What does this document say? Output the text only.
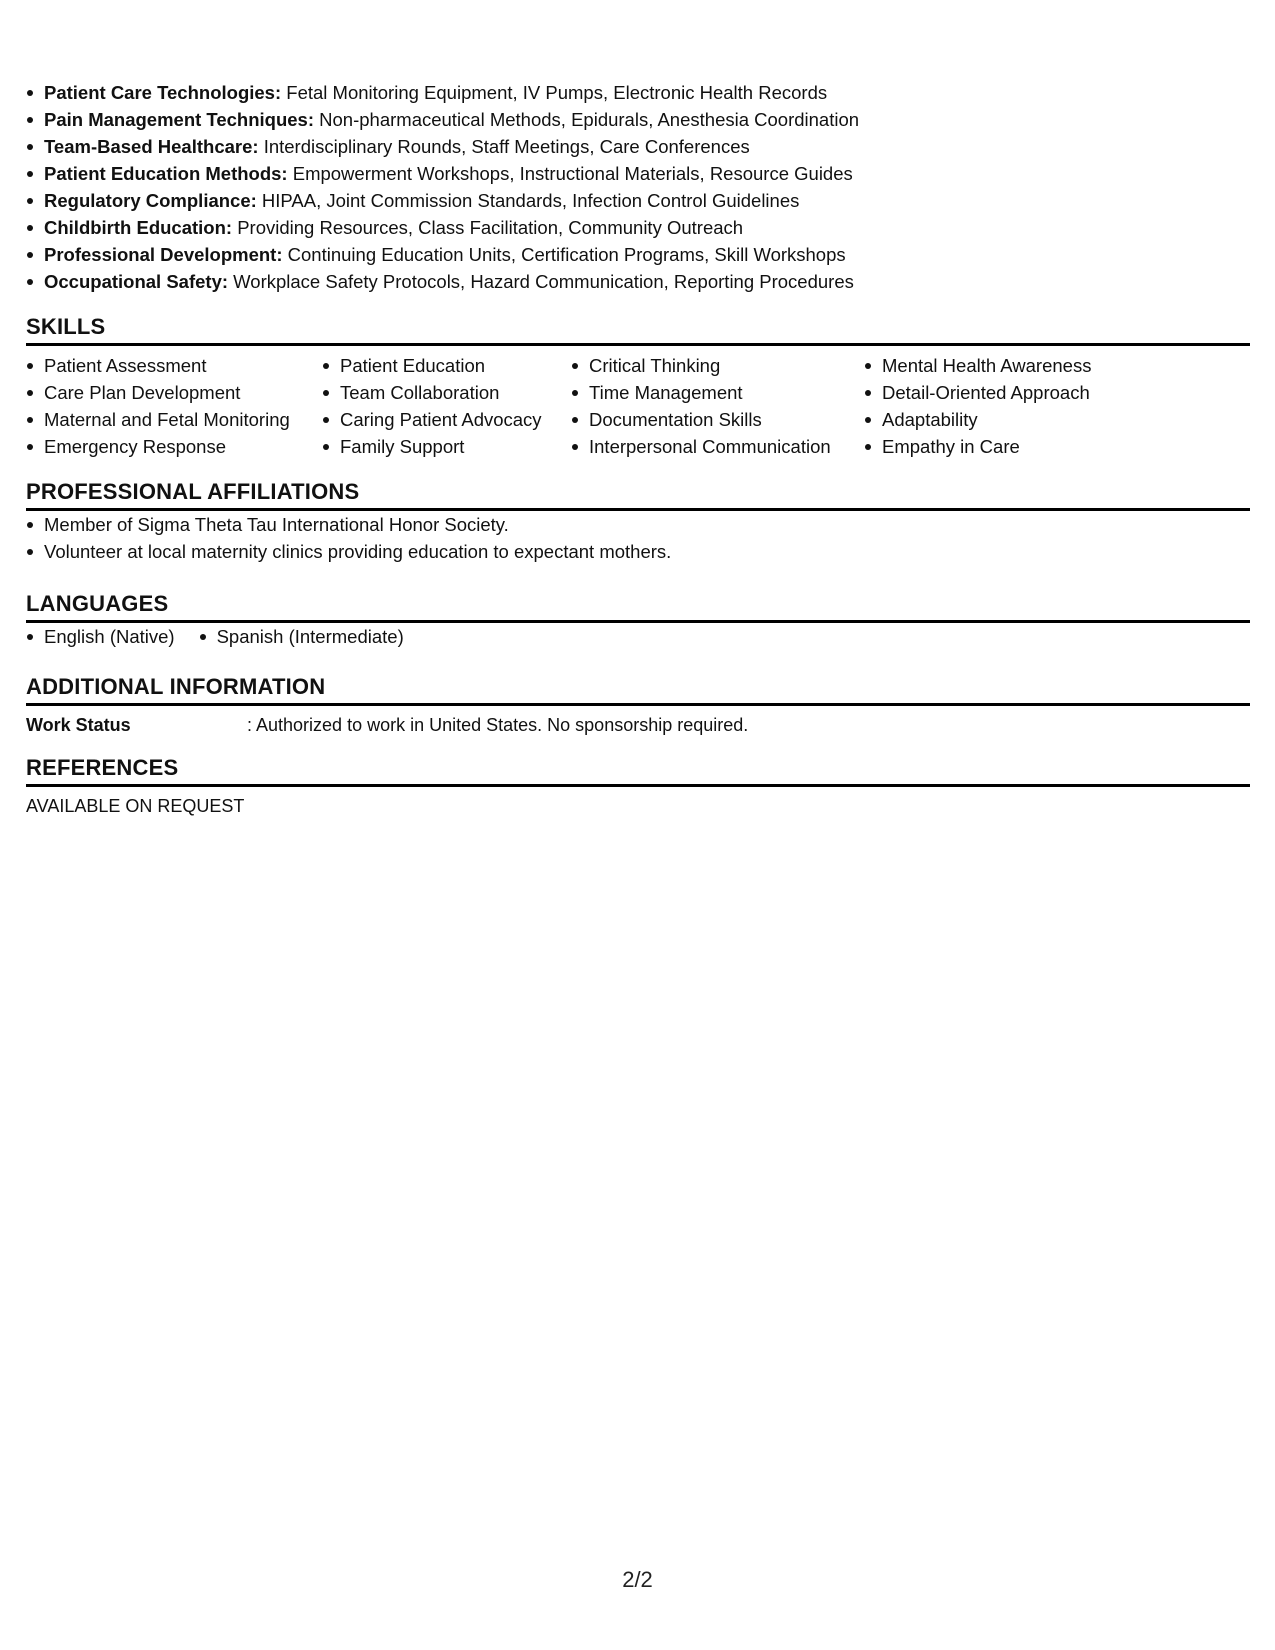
Patient Care Technologies: Fetal Monitoring Equipment, IV Pumps, Electronic Health Records
Pain Management Techniques: Non-pharmaceutical Methods, Epidurals, Anesthesia Coordination
Team-Based Healthcare: Interdisciplinary Rounds, Staff Meetings, Care Conferences
Patient Education Methods: Empowerment Workshops, Instructional Materials, Resource Guides
Regulatory Compliance: HIPAA, Joint Commission Standards, Infection Control Guidelines
Childbirth Education: Providing Resources, Class Facilitation, Community Outreach
Professional Development: Continuing Education Units, Certification Programs, Skill Workshops
Occupational Safety: Workplace Safety Protocols, Hazard Communication, Reporting Procedures
SKILLS
Patient Assessment
Care Plan Development
Maternal and Fetal Monitoring
Emergency Response
Patient Education
Team Collaboration
Caring Patient Advocacy
Family Support
Critical Thinking
Time Management
Documentation Skills
Interpersonal Communication
Mental Health Awareness
Detail-Oriented Approach
Adaptability
Empathy in Care
PROFESSIONAL AFFILIATIONS
Member of Sigma Theta Tau International Honor Society.
Volunteer at local maternity clinics providing education to expectant mothers.
LANGUAGES
English (Native)	Spanish (Intermediate)
ADDITIONAL INFORMATION
Work Status	: Authorized to work in United States. No sponsorship required.
REFERENCES
AVAILABLE ON REQUEST
2/2
